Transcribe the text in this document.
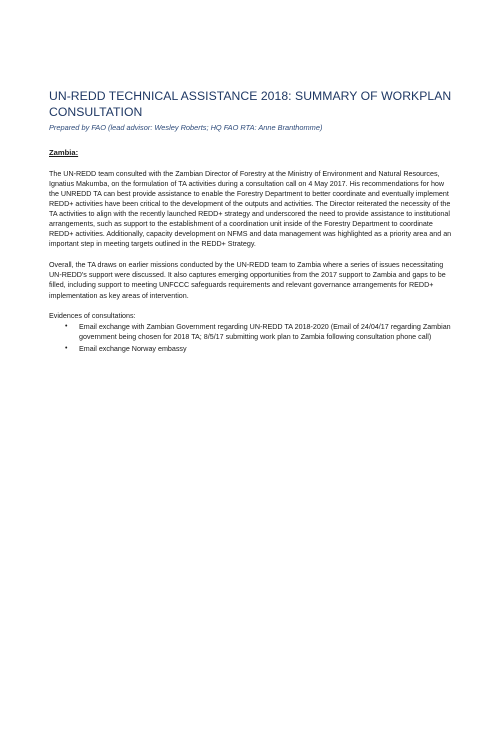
UN-REDD TECHNICAL ASSISTANCE 2018: SUMMARY OF WORKPLAN CONSULTATION

Prepared by FAO (lead advisor: Wesley Roberts; HQ FAO RTA: Anne Branthomme)

Zambia:

The UN-REDD team consulted with the Zambian Director of Forestry at the Ministry of Environment and Natural Resources, Ignatius Makumba, on the formulation of TA activities during a consultation call on 4 May 2017. His recommendations for how the UNREDD TA can best provide assistance to enable the Forestry Department to better coordinate and eventually implement REDD+ activities have been critical to the development of the outputs and activities. The Director reiterated the necessity of the TA activities to align with the recently launched REDD+ strategy and underscored the need to provide assistance to institutional arrangements, such as support to the establishment of a coordination unit inside of the Forestry Department to coordinate REDD+ activities. Additionally, capacity development on NFMS and data management was highlighted as a priority area and an important step in meeting targets outlined in the REDD+ Strategy.

Overall, the TA draws on earlier missions conducted by the UN-REDD team to Zambia where a series of issues necessitating UN-REDD's support were discussed. It also captures emerging opportunities from the 2017 support to Zambia and gaps to be filled, including support to meeting UNFCCC safeguards requirements and relevant governance arrangements for REDD+ implementation as key areas of intervention.

Evidences of consultations:

• Email exchange with Zambian Government regarding UN-REDD TA 2018-2020 (Email of 24/04/17 regarding Zambian government being chosen for 2018 TA; 8/5/17 submitting work plan to Zambia following consultation phone call)
• Email exchange Norway embassy
